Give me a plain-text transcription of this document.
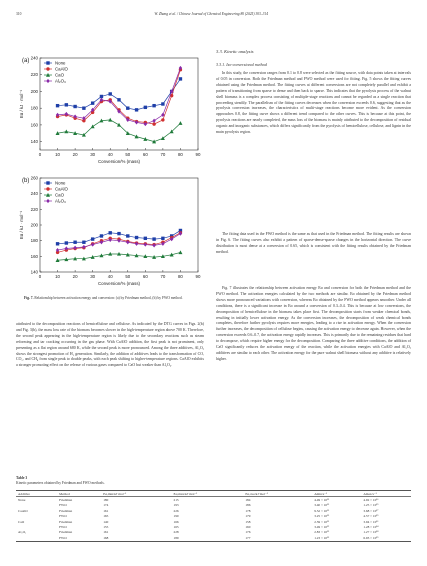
310	W. Zhang et al. / Chinese Journal of Chemical Engineering 80 (2025) 303–314
0	10	20	30	40	50	60	70	80	90
140
160
180
200
220
240
Conversion/% (mass)
Eα / kJ · mol⁻¹
(a)	None
CaAlO
CaO
Al₂O₃
0	10	20	30	40	50	60	70	80	90
140
160
180
200
220
240
260
Conversion/% (mass)
Eα / kJ · mol⁻¹
(b)	None
CaAlO
CaO
Al₂O₃
Fig. 7. Relationship between activation energy and conversion: (a) by Friedman method, (b) by FWO method.
attributed to the decomposition reactions of hemicellulose and cellulose. As indicated by the DTG curves in Figs. 2(b) and Fig. 3(b), the mass loss rate of the biomass becomes slower in the high-temperature region above 700 K. Therefore, the second peak appearing in the high-temperature region is likely due to the secondary reactions such as steam reforming and tar cracking occurring in the gas phase. With CaAlO addition, the first peak is not prominent, only presenting as a flat region around 680 K, while the second peak is more pronounced. Among the three additives, Al₂O₃ shows the strongest promotion of H₂ generation. Similarly, the addition of additives leads to the transformation of CO, CO₂, and CH₄ from single peak to double peaks, with each peak shifting to higher-temperature regions. CaAlO exhibits a stronger promoting effect on the release of various gases compared to CaO but weaker than Al₂O₃.
3.3. Kinetic analysis
3.3.1. Iso-conversional method
In this study, the conversion ranges from 0.1 to 0.8 were selected as the fitting source, with data points taken at intervals of 0.05 in conversion. Both the Friedman method and FWO method were used for fitting. Fig. 5 shows the fitting curves obtained using the Friedman method. The fitting curves at different conversions are not completely parallel and exhibit a pattern of transitioning from sparse to dense and then back to sparse. This indicates that the pyrolysis process of the walnut shell biomass is a complex process consisting of multiple-stage reactions and cannot be regarded as a single reaction that proceeding steadily. The parallelism of the fitting curves decreases when the conversion exceeds 0.6, suggesting that as the pyrolysis conversion increases, the characteristics of multi-stage reactions become more evident. As the conversion approaches 0.8, the fitting curve shows a different trend compared to the other curves. This is because at this point, the pyrolysis reactions are nearly completed, the mass loss of the biomass is mainly attributed to the decomposition of residual organic and inorganic substances, which differs significantly from the pyrolysis of hemicellulose, cellulose, and lignin in the main pyrolysis region.
The fitting data used in the FWO method is the same as that used in the Friedman method. The fitting results are shown in Fig. 6. The fitting curves also exhibit a pattern of sparse-dense-sparse changes in the horizontal direction. The curve distribution is most dense at a conversion of 0.65, which is consistent with the fitting results obtained by the Friedman method.
Fig. 7 illustrates the relationship between activation energy Eα and conversion for both the Friedman method and the FWO method. The activation energies calculated by the two methods are similar. Eα obtained by the Friedman method shows more pronounced variations with conversion, whereas Eα obtained by the FWO method appears smoother. Under all conditions, there is a significant increase in Eα around a conversion of 0.3–0.4. This is because at low conversions, the decomposition of hemicellulose in the biomass takes place first. The decomposition starts from weaker chemical bonds, resulting in initially lower activation energy. As the conversion increases, the decomposition of weak chemical bonds completes, therefore further pyrolysis requires more energies, leading to a rise in activation energy. When the conversion further increases, the decomposition of cellulose begins, causing the activation energy to decrease again. However, when the conversion exceeds 0.6–0.7, the activation energy rapidly increases. This is primarily due to the remaining residues that hard to decompose, which require higher energy for the decomposition. Comparing the three additive conditions, the addition of CaO significantly reduces the activation energy of the reaction, while the activation energies with CaAlO and Al₂O₃ additives are similar to each other. The activation energy for the pure walnut shell biomass without any additive is relatively higher.
Table 3
Kinetic parameters obtained by Friedman and FWO methods.
Additive	Method	Eα,min/kJ·mol⁻¹	Eα,max/kJ·mol⁻¹	Eα,ave/kJ·mol⁻¹	Amin/s⁻¹	Amax/s⁻¹
None	Friedman	180	215	184	4.49 × 10¹³	4.92 × 10¹⁶
	FWO	174	193	186	3.40 × 10¹³	1.25 × 10¹⁵
CaAlO	Friedman	161	226	178	9.52 × 10¹³	3.68 × 10¹⁷
	FWO	165	190	179	3.25 × 10¹³	4.57 × 10¹⁵
CaO	Friedman	140	166	158	2.59 × 10¹¹	3.94 × 10¹³
	FWO	155	165	160	3.49 × 10¹²	1.28 × 10¹⁴
Al₂O₃	Friedman	161	228	176	2.83 × 10¹³	1.27 × 10¹⁸
	FWO	168	189	177	1.23 × 10¹³	6.93 × 10¹⁵
